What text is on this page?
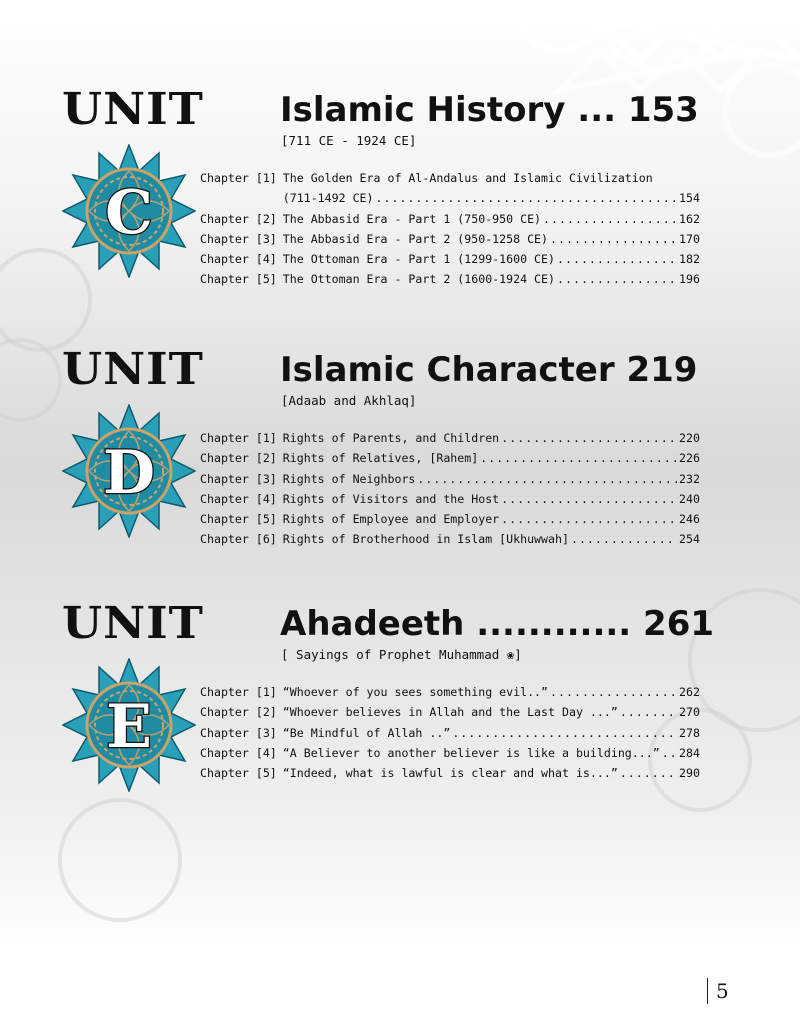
UNIT
C
Islamic History ... 153
[711 CE - 1924 CE]
Chapter [1] The Golden Era of Al-Andalus and Islamic Civilization
(711-1492 CE) .....	154
Chapter [2] The Abbasid Era - Part 1 (750-950 CE) .....	162
Chapter [3] The Abbasid Era - Part 2 (950-1258 CE) .....	170
Chapter [4] The Ottoman Era - Part 1 (1299-1600 CE) .....	182
Chapter [5] The Ottoman Era - Part 2 (1600-1924 CE) .....	196
UNIT
D
Islamic Character 219
[Adaab and Akhlaq]
Chapter [1] Rights of Parents, and Children .....	220
Chapter [2] Rights of Relatives, [Rahem] .....	226
Chapter [3] Rights of Neighbors .....	232
Chapter [4] Rights of Visitors and the Host .....	240
Chapter [5] Rights of Employee and Employer .....	246
Chapter [6] Rights of Brotherhood in Islam [Ukhuwwah] .....	254
UNIT
E
Ahadeeth ............ 261
[ Sayings of Prophet Muhammad ❀]
Chapter [1] “Whoever of you sees something evil..” .....	262
Chapter [2] “Whoever believes in Allah and the Last Day ...” .....	270
Chapter [3] “Be Mindful of Allah ..” .....	278
Chapter [4] “A Believer to another believer is like a building...” ..... 284
Chapter [5] “Indeed, what is lawful is clear and what is...” .....	290
5
